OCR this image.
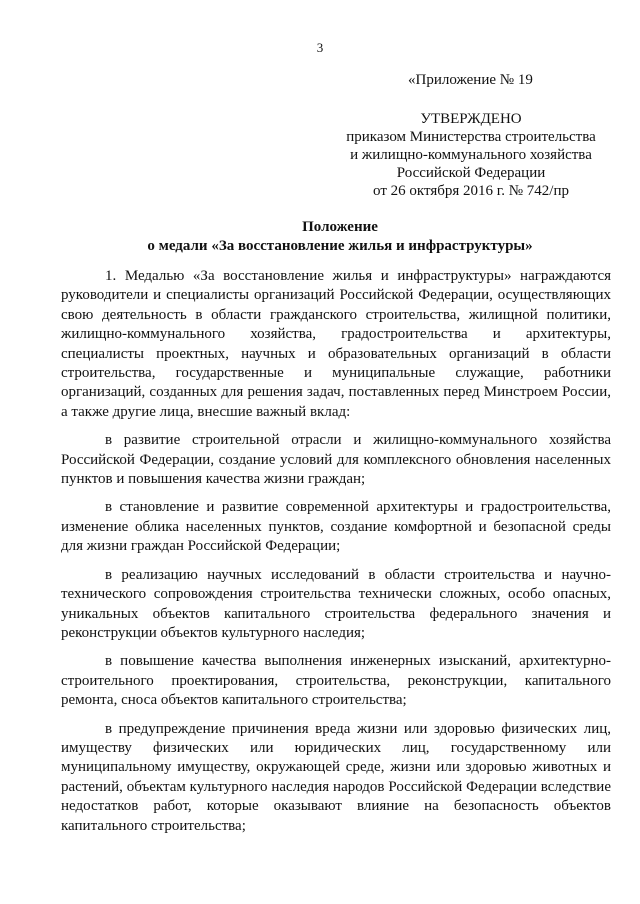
3
«Приложение № 19
УТВЕРЖДЕНО
приказом Министерства строительства
и жилищно-коммунального хозяйства
Российской Федерации
от 26 октября 2016 г. № 742/пр
Положение
о медали «За восстановление жилья и инфраструктуры»

1. Медалью «За восстановление жилья и инфраструктуры» награждаются руководители и специалисты организаций Российской Федерации, осуществляющих свою деятельность в области гражданского строительства, жилищной политики, жилищно-коммунального хозяйства, градостроительства и архитектуры, специалисты проектных, научных и образовательных организаций в области строительства, государственные и муниципальные служащие, работники организаций, созданных для решения задач, поставленных перед Минстроем России, а также другие лица, внесшие важный вклад:

в развитие строительной отрасли и жилищно-коммунального хозяйства Российской Федерации, создание условий для комплексного обновления населенных пунктов и повышения качества жизни граждан;

в становление и развитие современной архитектуры и градостроительства, изменение облика населенных пунктов, создание комфортной и безопасной среды для жизни граждан Российской Федерации;

в реализацию научных исследований в области строительства и научно-технического сопровождения строительства технически сложных, особо опасных, уникальных объектов капитального строительства федерального значения и реконструкции объектов культурного наследия;

в повышение качества выполнения инженерных изысканий, архитектурно-строительного проектирования, строительства, реконструкции, капитального ремонта, сноса объектов капитального строительства;

в предупреждение причинения вреда жизни или здоровью физических лиц, имуществу физических или юридических лиц, государственному или муниципальному имуществу, окружающей среде, жизни или здоровью животных и растений, объектам культурного наследия народов Российской Федерации вследствие недостатков работ, которые оказывают влияние на безопасность объектов капитального строительства;
